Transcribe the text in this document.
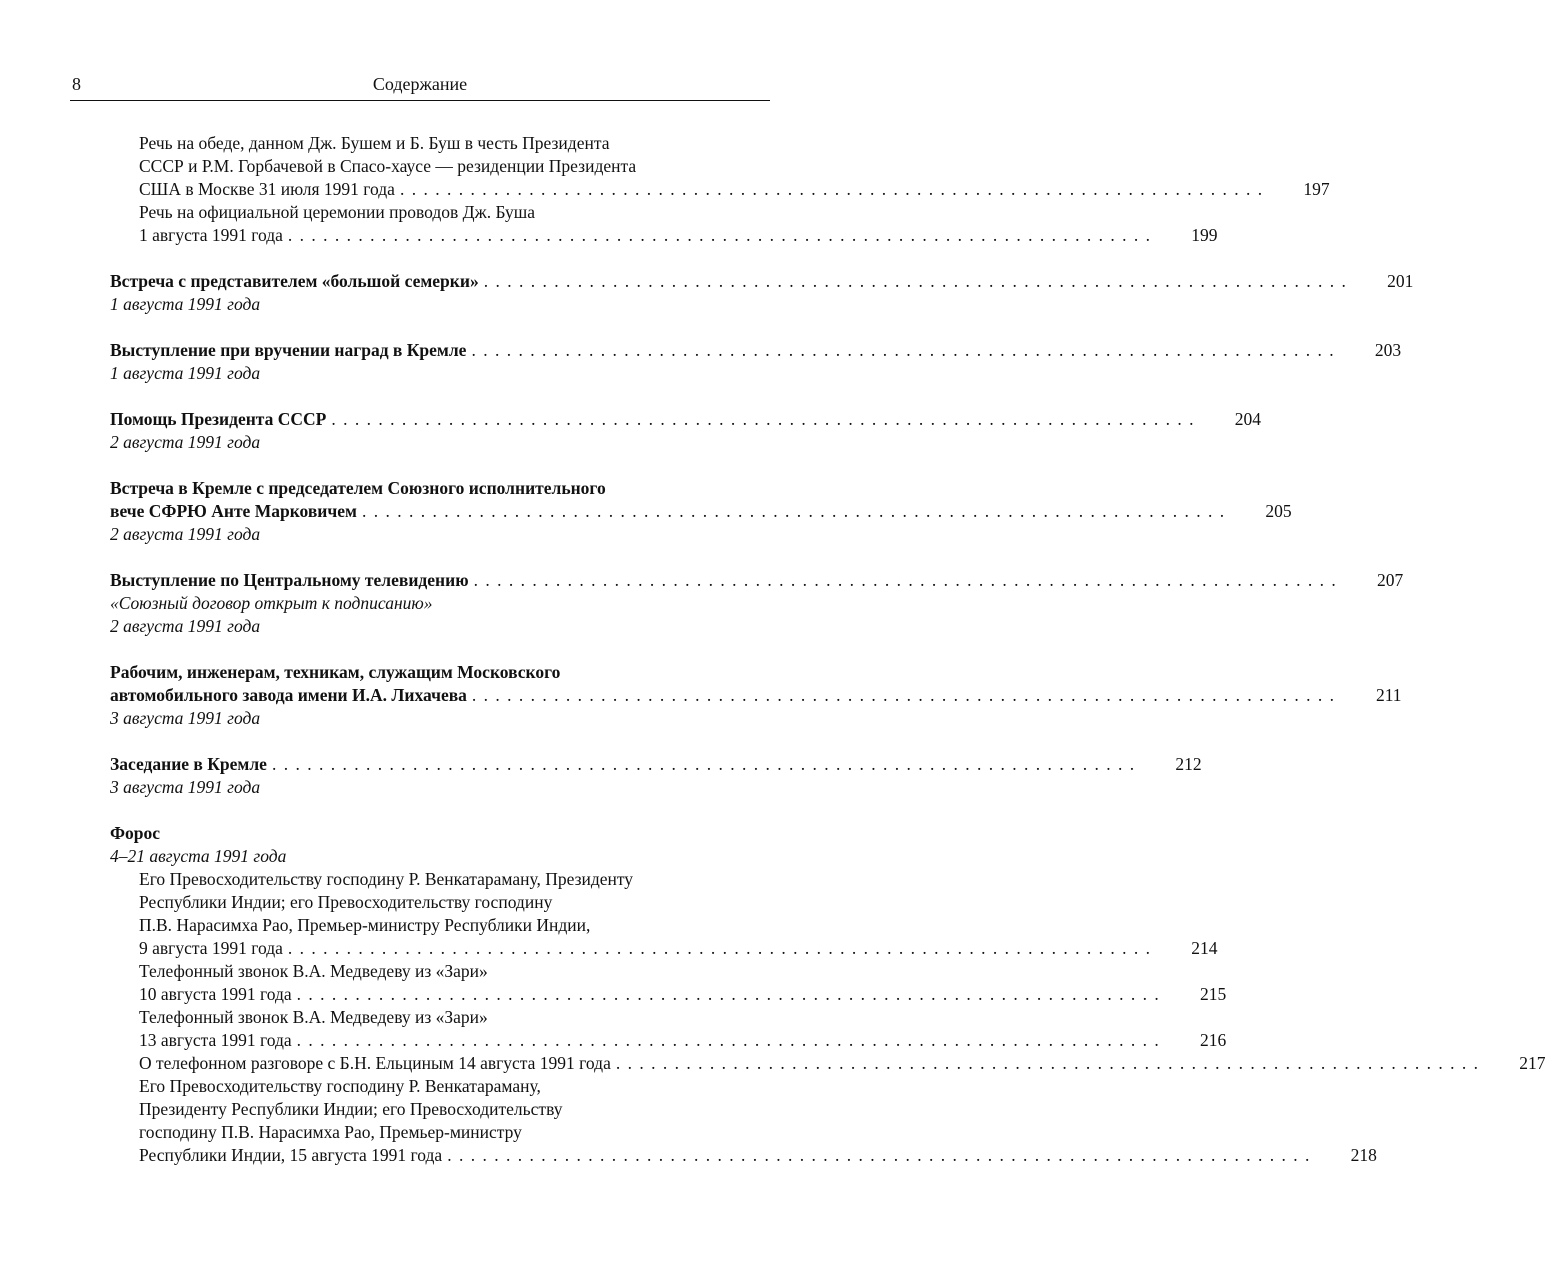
8	Содержание
Речь на обеде, данном Дж. Бушем и Б. Буш в честь Президента
СССР и Р.М. Горбачевой в Спасо-хаусе — резиденции Президента
США в Москве 31 июля 1991 года . . . . . . . . . . . . . . . . . . . . . . . . . . . . . . . . . . . . . . . . . . . . . . . . . . . . . . . . . . . . . . . . . . . . . . . . . .	197
Речь на официальной церемонии проводов Дж. Буша
1 августа 1991 года . . . . . . . . . . . . . . . . . . . . . . . . . . . . . . . . . . . . . . . . . . . . . . . . . . . . . . . . . . . . . . . . . . . . . . . . . .	199
Встреча с представителем «большой семерки» . . . . . . . . . . . . . . . . . . . . . . . . . . . . . . . . . . . . . . . . . . . . . . . . . . . . . . . . . . . . . . . . . . . . . . . . . .	201
1 августа 1991 года
Выступление при вручении наград в Кремле . . . . . . . . . . . . . . . . . . . . . . . . . . . . . . . . . . . . . . . . . . . . . . . . . . . . . . . . . . . . . . . . . . . . . . . . . .	203
1 августа 1991 года
Помощь Президента СССР . . . . . . . . . . . . . . . . . . . . . . . . . . . . . . . . . . . . . . . . . . . . . . . . . . . . . . . . . . . . . . . . . . . . . . . . . .	204
2 августа 1991 года
Встреча в Кремле с председателем Союзного исполнительного
вече СФРЮ Анте Марковичем . . . . . . . . . . . . . . . . . . . . . . . . . . . . . . . . . . . . . . . . . . . . . . . . . . . . . . . . . . . . . . . . . . . . . . . . . .	205
2 августа 1991 года
Выступление по Центральному телевидению . . . . . . . . . . . . . . . . . . . . . . . . . . . . . . . . . . . . . . . . . . . . . . . . . . . . . . . . . . . . . . . . . . . . . . . . . .	207
«Союзный договор открыт к подписанию»
2 августа 1991 года
Рабочим, инженерам, техникам, служащим Московского
автомобильного завода имени И.А. Лихачева . . . . . . . . . . . . . . . . . . . . . . . . . . . . . . . . . . . . . . . . . . . . . . . . . . . . . . . . . . . . . . . . . . . . . . . . . .	211
3 августа 1991 года
Заседание в Кремле . . . . . . . . . . . . . . . . . . . . . . . . . . . . . . . . . . . . . . . . . . . . . . . . . . . . . . . . . . . . . . . . . . . . . . . . . .	212
3 августа 1991 года
Форос
4–21 августа 1991 года
Его Превосходительству господину Р. Венкатараману, Президенту
Республики Индии; его Превосходительству господину
П.В. Нарасимха Рао, Премьер-министру Республики Индии,
9 августа 1991 года . . . . . . . . . . . . . . . . . . . . . . . . . . . . . . . . . . . . . . . . . . . . . . . . . . . . . . . . . . . . . . . . . . . . . . . . . .	214
Телефонный звонок В.А. Медведеву из «Зари»
10 августа 1991 года . . . . . . . . . . . . . . . . . . . . . . . . . . . . . . . . . . . . . . . . . . . . . . . . . . . . . . . . . . . . . . . . . . . . . . . . . .	215
Телефонный звонок В.А. Медведеву из «Зари»
13 августа 1991 года . . . . . . . . . . . . . . . . . . . . . . . . . . . . . . . . . . . . . . . . . . . . . . . . . . . . . . . . . . . . . . . . . . . . . . . . . .	216
О телефонном разговоре с Б.Н. Ельциным 14 августа 1991 года . . . . . . . . . . . . . . . . . . . . . . . . . . . . . . . . . . . . . . . . . . . . . . . . . . . . . . . . . . . . . . . . . . . . . . . . . .	217
Его Превосходительству господину Р. Венкатараману,
Президенту Республики Индии; его Превосходительству
господину П.В. Нарасимха Рао, Премьер-министру
Республики Индии, 15 августа 1991 года . . . . . . . . . . . . . . . . . . . . . . . . . . . . . . . . . . . . . . . . . . . . . . . . . . . . . . . . . . . . . . . . . . . . . . . . . .	218
